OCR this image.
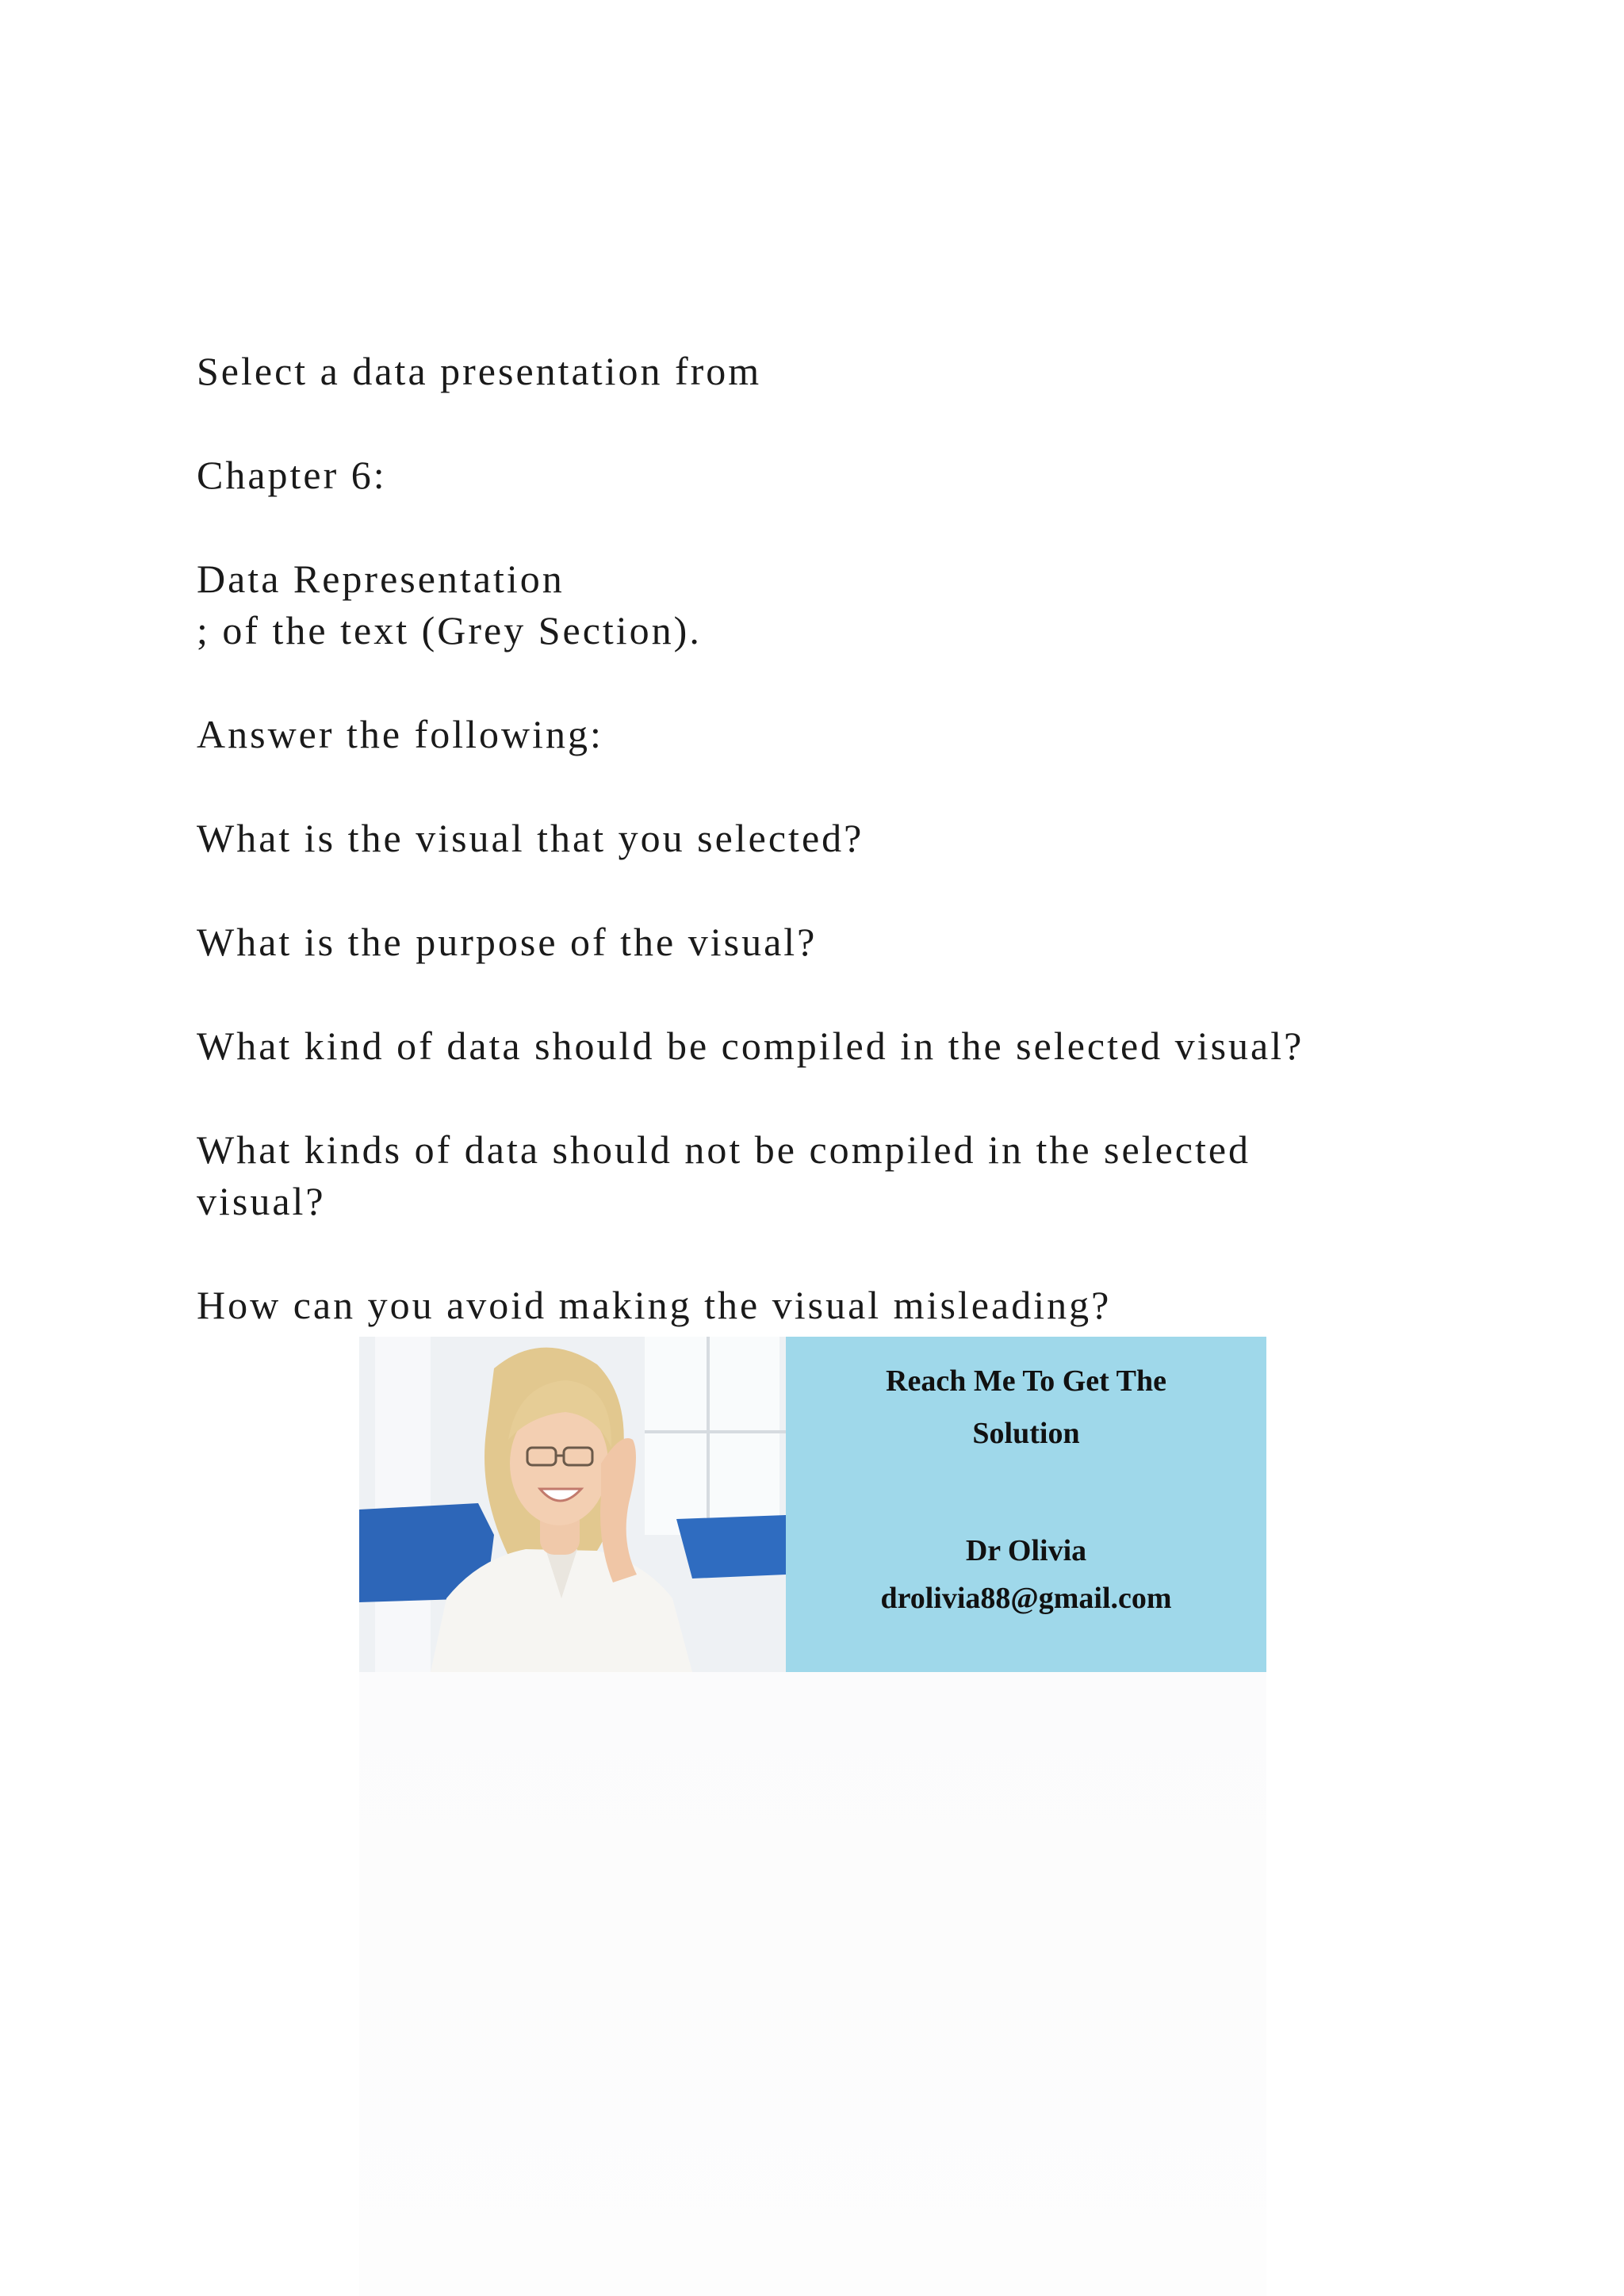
Select a data presentation from

Chapter 6:

Data Representation
; of the text (Grey Section).

Answer the following:

What is the visual that you selected?

What is the purpose of the visual?

What kind of data should be compiled in the selected visual?

What kinds of data should not be compiled in the selected
visual?

How can you avoid making the visual misleading?

Reach Me To Get The
Solution
Dr Olivia
drolivia88@gmail.com
